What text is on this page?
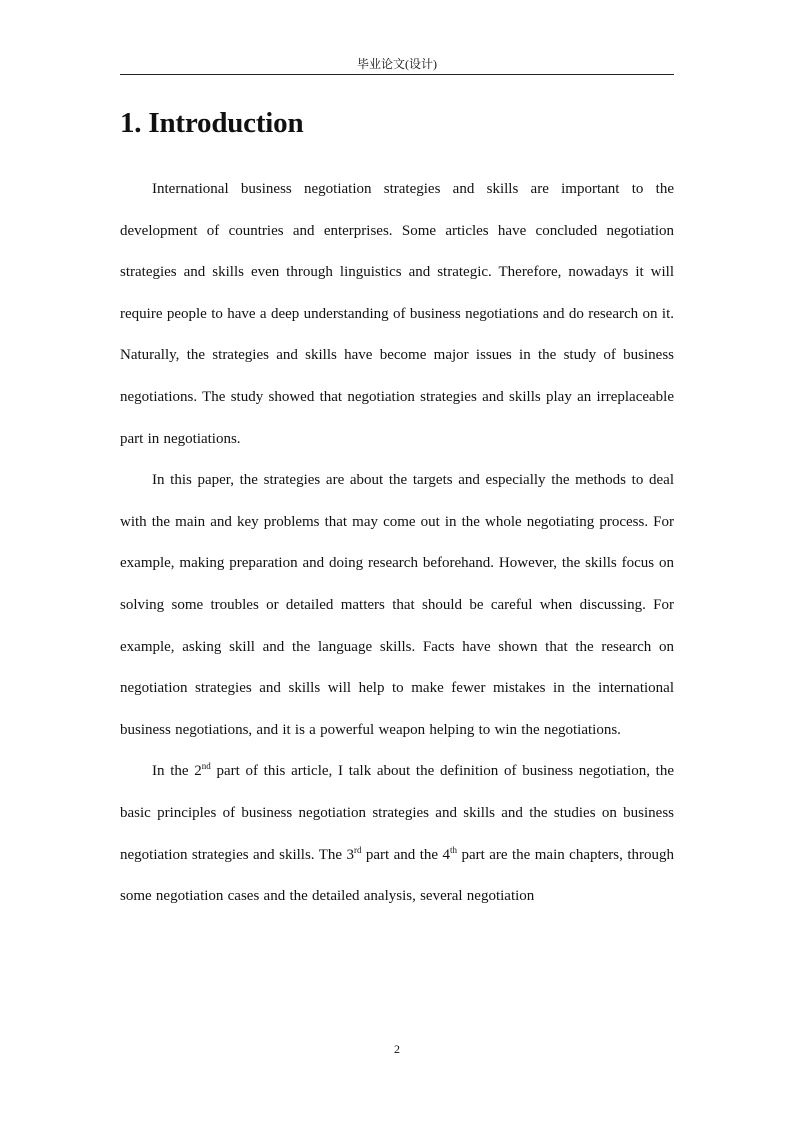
毕业论文(设计)
1. Introduction

International business negotiation strategies and skills are important to the development of countries and enterprises. Some articles have concluded negotiation strategies and skills even through linguistics and strategic. Therefore, nowadays it will require people to have a deep understanding of business negotiations and do research on it. Naturally, the strategies and skills have become major issues in the study of business negotiations. The study showed that negotiation strategies and skills play an irreplaceable part in negotiations.

In this paper, the strategies are about the targets and especially the methods to deal with the main and key problems that may come out in the whole negotiating process. For example, making preparation and doing research beforehand. However, the skills focus on solving some troubles or detailed matters that should be careful when discussing. For example, asking skill and the language skills. Facts have shown that the research on negotiation strategies and skills will help to make fewer mistakes in the international business negotiations, and it is a powerful weapon helping to win the negotiations.

In the 2nd part of this article, I talk about the definition of business negotiation, the basic principles of business negotiation strategies and skills and the studies on business negotiation strategies and skills. The 3rd part and the 4th part are the main chapters, through some negotiation cases and the detailed analysis, several negotiation

2
